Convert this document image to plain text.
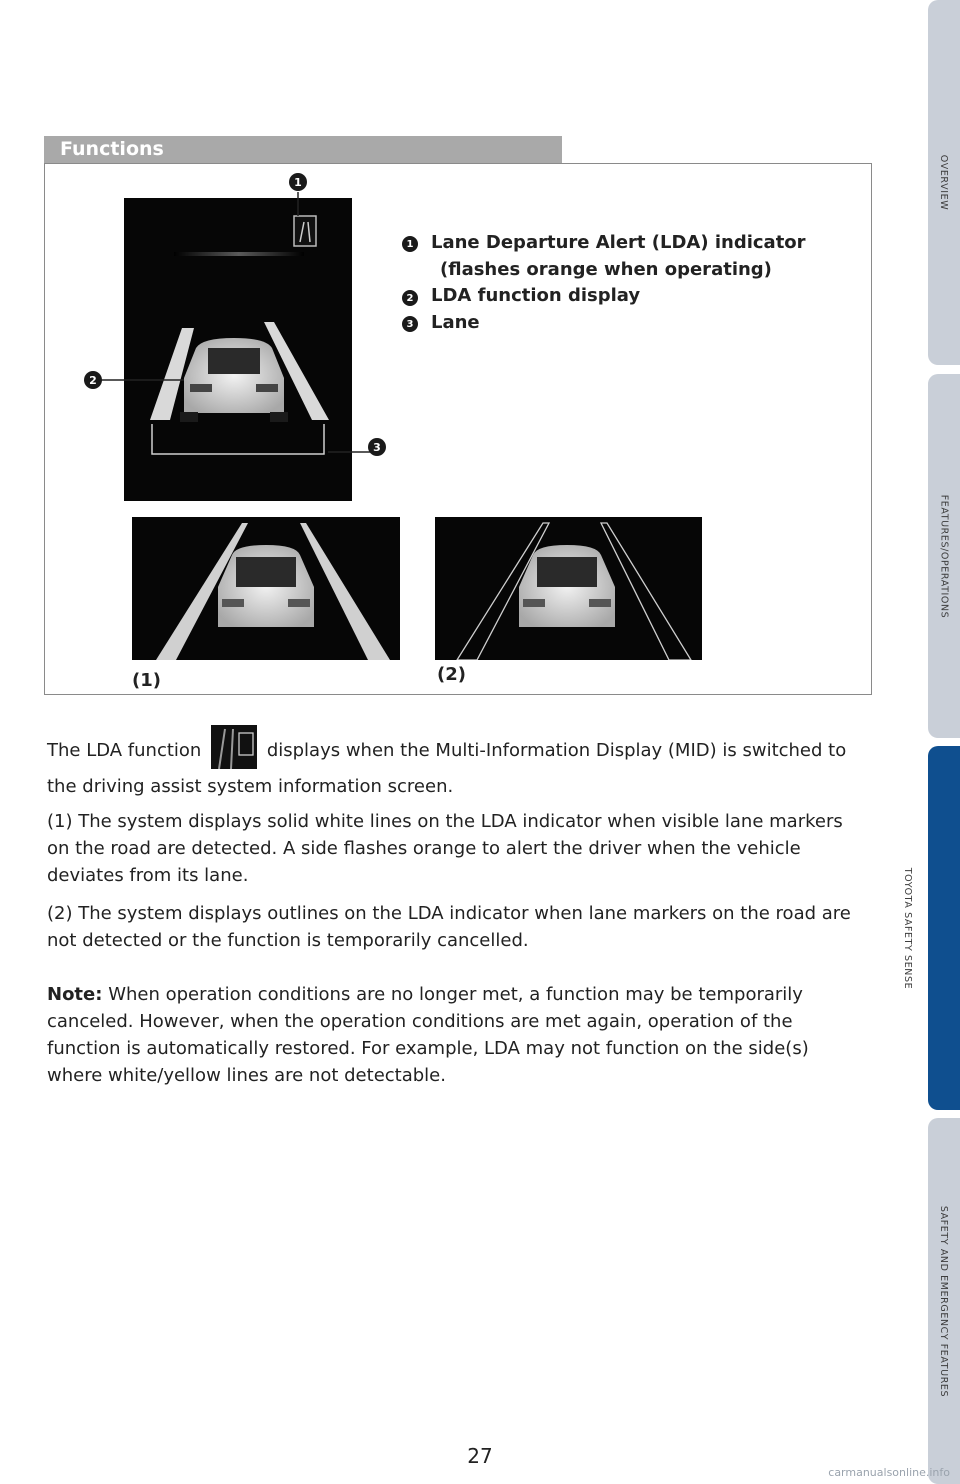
OVERVIEW
FEATURES/OPERATIONS
TOYOTA SAFETY SENSE
SAFETY AND EMERGENCY FEATURES
Functions
1
2
3
1 Lane Departure Alert (LDA) indicator
(flashes orange when operating)
2 LDA function display
3 Lane
(1)	(2)
The LDA function	displays when the Multi-Information Display (MID) is switched to the driving assist system information screen.
(1) The system displays solid white lines on the LDA indicator when visible lane markers on the road are detected. A side flashes orange to alert the driver when the vehicle deviates from its lane.
(2) The system displays outlines on the LDA indicator when lane markers on the road are not detected or the function is temporarily cancelled.
Note: When operation conditions are no longer met, a function may be temporarily canceled. However, when the operation conditions are met again, operation of the function is automatically restored. For example, LDA may not function on the side(s) where white/yellow lines are not detectable.
27
carmanualsonline.info
